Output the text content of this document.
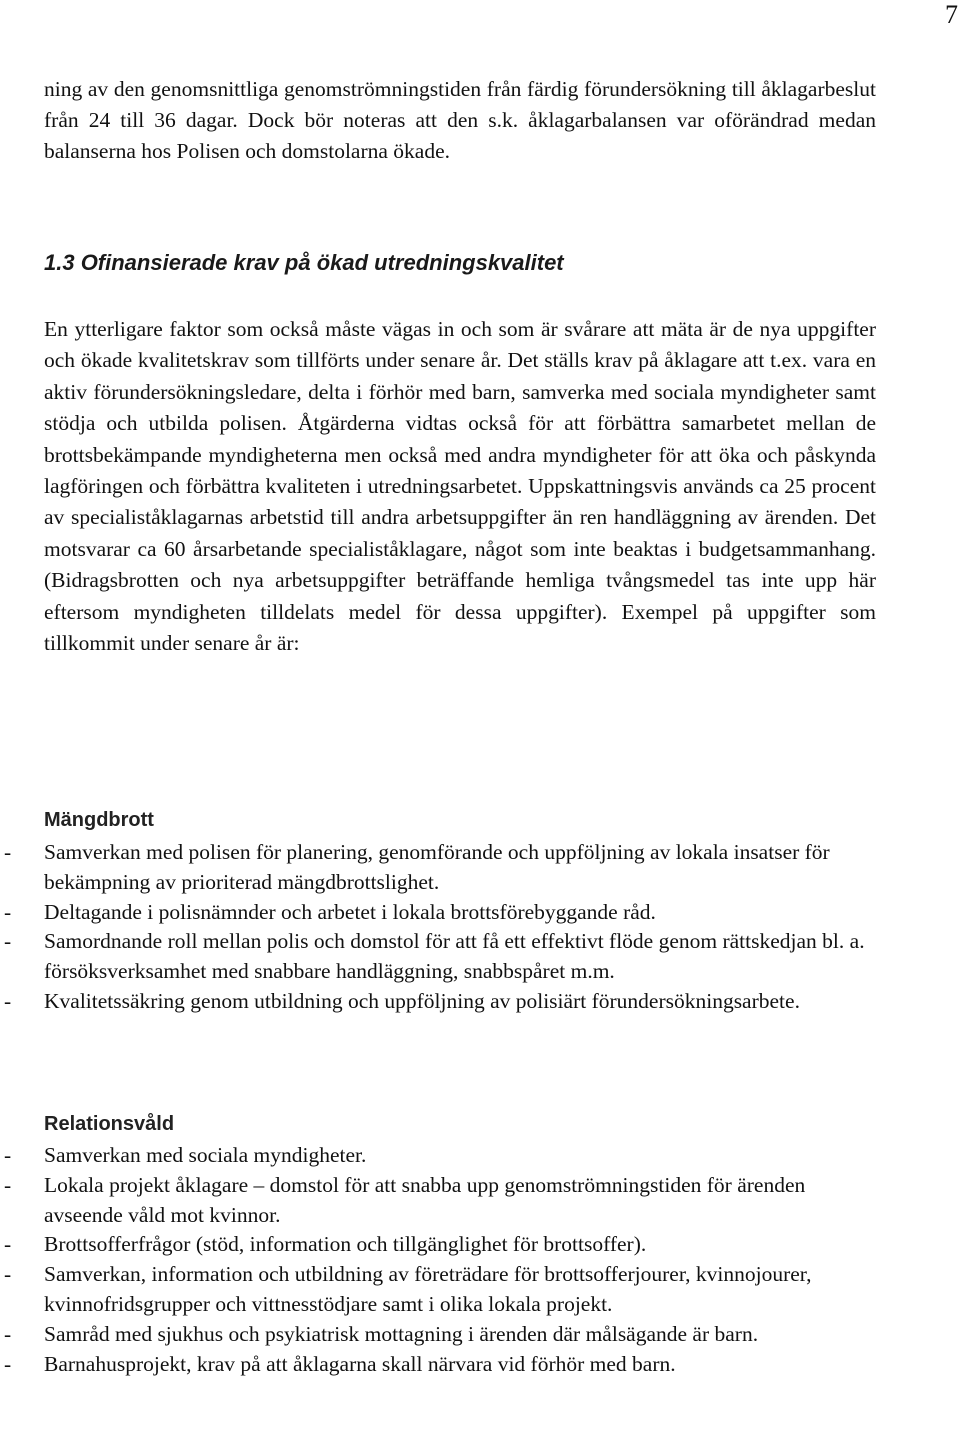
7

ning av den genomsnittliga genomströmningstiden från färdig förundersökning till åklagarbeslut från 24 till 36 dagar. Dock bör noteras att den s.k. åklagarbalansen var oförändrad medan balanserna hos Polisen och domstolarna ökade.

1.3 Ofinansierade krav på ökad utredningskvalitet

En ytterligare faktor som också måste vägas in och som är svårare att mäta är de nya uppgifter och ökade kvalitetskrav som tillförts under senare år. Det ställs krav på åklagare att t.ex. vara en aktiv förundersökningsledare, delta i förhör med barn, samverka med sociala myndigheter samt stödja och utbilda polisen. Åtgärderna vidtas också för att förbättra samarbetet mellan de brottsbekämpande myndigheterna men också med andra myndigheter för att öka och påskynda lagföringen och förbättra kvaliteten i utredningsarbetet. Uppskattningsvis används ca 25 procent av specialiståklagarnas arbetstid till andra arbetsuppgifter än ren handläggning av ärenden. Det motsvarar ca 60 årsarbetande specialiståklagare, något som inte beaktas i budgetsammanhang. (Bidragsbrotten och nya arbetsuppgifter beträffande hemliga tvångsmedel tas inte upp här eftersom myndigheten tilldelats medel för dessa uppgifter). Exempel på uppgifter som tillkommit under senare år är:

Mängdbrott
- Samverkan med polisen för planering, genomförande och uppföljning av lokala insatser för bekämpning av prioriterad mängdbrottslighet.
- Deltagande i polisnämnder och arbetet i lokala brottsförebyggande råd.
- Samordnande roll mellan polis och domstol för att få ett effektivt flöde genom rättskedjan bl. a. försöksverksamhet med snabbare handläggning, snabbspåret m.m.
- Kvalitetssäkring genom utbildning och uppföljning av polisiärt förundersökningsarbete.
Relationsvåld
- Samverkan med sociala myndigheter.
- Lokala projekt åklagare – domstol för att snabba upp genomströmningstiden för ärenden avseende våld mot kvinnor.
- Brottsofferfrågor (stöd, information och tillgänglighet för brottsoffer).
- Samverkan, information och utbildning av företrädare för brottsofferjourer, kvinnojourer, kvinnofridsgrupper och vittnesstödjare samt i olika lokala projekt.
- Samråd med sjukhus och psykiatrisk mottagning i ärenden där målsägande är barn.
- Barnahusprojekt, krav på att åklagarna skall närvara vid förhör med barn.
